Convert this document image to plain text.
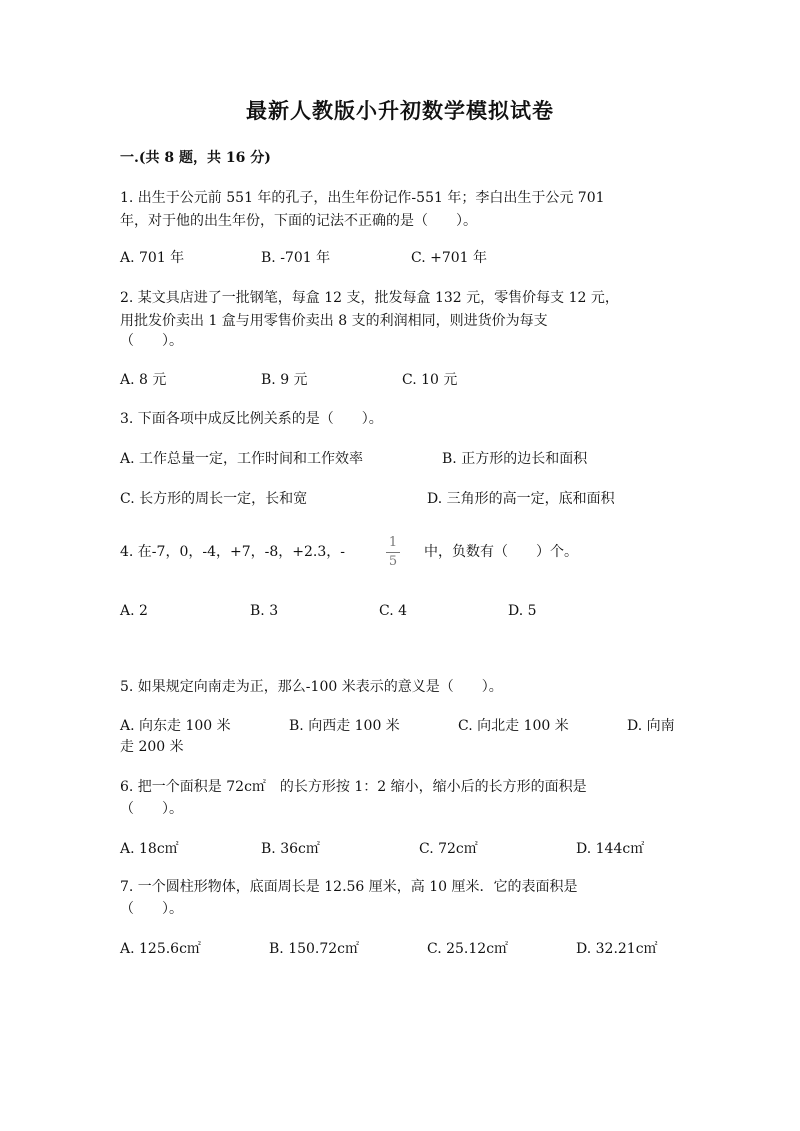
最新人教版小升初数学模拟试卷
一.(共 8 题，共 16 分)
1. 出生于公元前 551 年的孔子，出生年份记作-551 年；李白出生于公元 701
年，对于他的出生年份，下面的记法不正确的是（　　）。
A. 701 年	B. -701 年	C. +701 年
2. 某文具店进了一批钢笔，每盒 12 支，批发每盒 132 元，零售价每支 12 元，
用批发价卖出 1 盒与用零售价卖出 8 支的利润相同，则进货价为每支
（　　）。
A. 8 元	B. 9 元	C. 10 元
3. 下面各项中成反比例关系的是（　　）。
A. 工作总量一定，工作时间和工作效率	B. 正方形的边长和面积
C. 长方形的周长一定，长和宽	D. 三角形的高一定，底和面积
4. 在-7，0，-4，+7，-8，+2.3，-
1
5
中，负数有（　　）个。
A. 2	B. 3	C. 4	D. 5
5. 如果规定向南走为正，那么-100 米表示的意义是（　　）。
A. 向东走 100 米	B. 向西走 100 米	C. 向北走 100 米	D. 向南
走 200 米
6. 把一个面积是 72c㎡　的长方形按 1：2 缩小，缩小后的长方形的面积是
（　　）。
A. 18c㎡	B. 36c㎡	C. 72c㎡	D. 144c㎡
7. 一个圆柱形物体，底面周长是 12.56 厘米，高 10 厘米．它的表面积是
（　　）。
A. 125.6c㎡	B. 150.72c㎡	C. 25.12c㎡	D. 32.21c㎡
